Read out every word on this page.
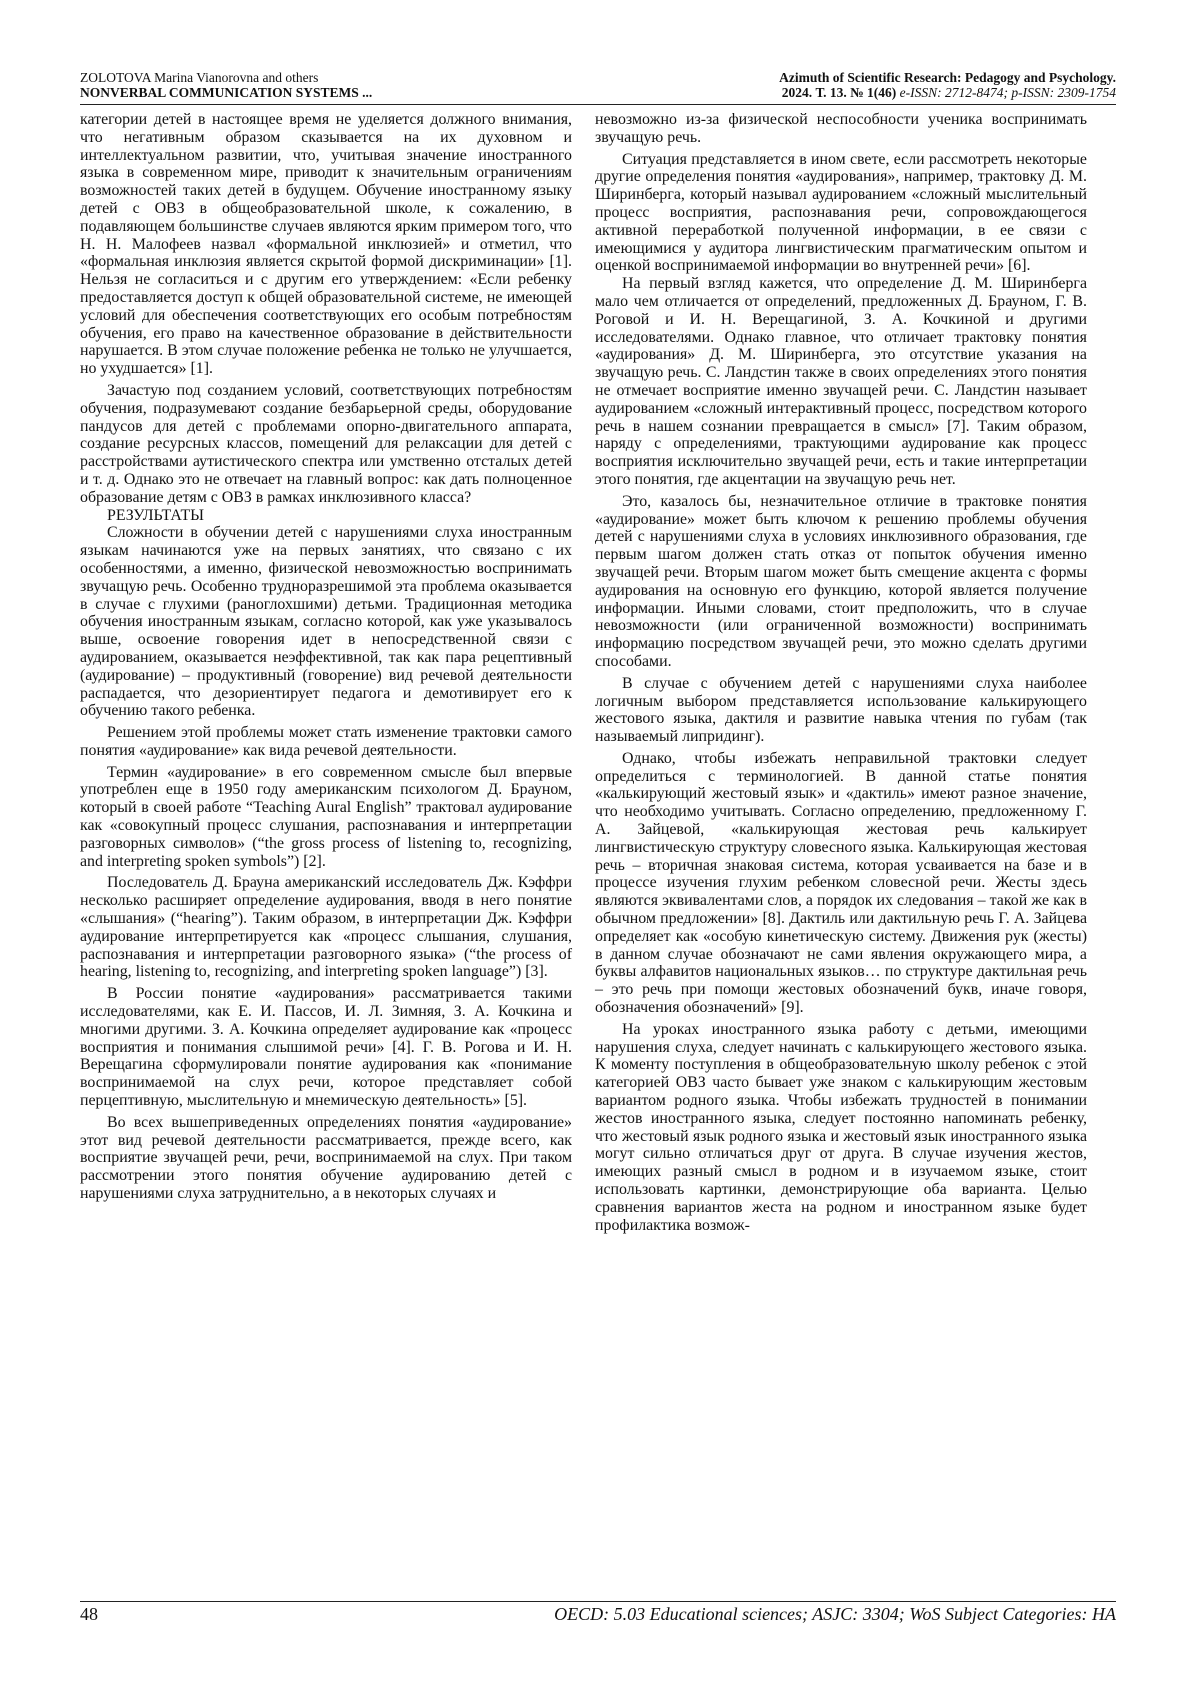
ZOLOTOVA Marina Vianorovna and others
NONVERBAL COMMUNICATION SYSTEMS ...
Azimuth of Scientific Research: Pedagogy and Psychology.
2024. Т. 13. № 1(46) e-ISSN: 2712-8474; p-ISSN: 2309-1754

категории детей в настоящее время не уделяется должного внимания, что негативным образом сказывается на их духовном и интеллектуальном развитии, что, учитывая значение иностранного языка в современном мире, приводит к значительным ограничениям возможностей таких детей в будущем. Обучение иностранному языку детей с ОВЗ в общеобразовательной школе, к сожалению, в подавляющем большинстве случаев являются ярким примером того, что Н. Н. Малофеев назвал «формальной инклюзией» и отметил, что «формальная инклюзия является скрытой формой дискриминации» [1]. Нельзя не согласиться и с другим его утверждением: «Если ребенку предоставляется доступ к общей образовательной системе, не имеющей условий для обеспечения соответствующих его особым потребностям обучения, его право на качественное образование в действительности нарушается. В этом случае положение ребенка не только не улучшается, но ухудшается» [1].

Зачастую под созданием условий, соответствующих потребностям обучения, подразумевают создание безбарьерной среды, оборудование пандусов для детей с проблемами опорно-двигательного аппарата, создание ресурсных классов, помещений для релаксации для детей с расстройствами аутистического спектра или умственно отсталых детей и т. д. Однако это не отвечает на главный вопрос: как дать полноценное образование детям с ОВЗ в рамках инклюзивного класса?

РЕЗУЛЬТАТЫ

Сложности в обучении детей с нарушениями слуха иностранным языкам начинаются уже на первых занятиях, что связано с их особенностями, а именно, физической невозможностью воспринимать звучащую речь. Особенно трудноразрешимой эта проблема оказывается в случае с глухими (раноглохшими) детьми. Традиционная методика обучения иностранным языкам, согласно которой, как уже указывалось выше, освоение говорения идет в непосредственной связи с аудированием, оказывается неэффективной, так как пара рецептивный (аудирование) – продуктивный (говорение) вид речевой деятельности распадается, что дезориентирует педагога и демотивирует его к обучению такого ребенка.

Решением этой проблемы может стать изменение трактовки самого понятия «аудирование» как вида речевой деятельности.

Термин «аудирование» в его современном смысле был впервые употреблен еще в 1950 году американским психологом Д. Брауном, который в своей работе “Teaching Aural English” трактовал аудирование как «совокупный процесс слушания, распознавания и интерпретации разговорных символов» (“the gross process of listening to, recognizing, and interpreting spoken symbols”) [2].

Последователь Д. Брауна американский исследователь Дж. Кэффри несколько расширяет определение аудирования, вводя в него понятие «слышания» (“hearing”). Таким образом, в интерпретации Дж. Кэффри аудирование интерпретируется как «процесс слышания, слушания, распознавания и интерпретации разговорного языка» (“the process of hearing, listening to, recognizing, and interpreting spoken language”) [3].

В России понятие «аудирования» рассматривается такими исследователями, как Е. И. Пассов, И. Л. Зимняя, З. А. Кочкина и многими другими. З. А. Кочкина определяет аудирование как «процесс восприятия и понимания слышимой речи» [4]. Г. В. Рогова и И. Н. Верещагина сформулировали понятие аудирования как «понимание воспринимаемой на слух речи, которое представляет собой перцептивную, мыслительную и мнемическую деятельность» [5].

Во всех вышеприведенных определениях понятия «аудирование» этот вид речевой деятельности рассматривается, прежде всего, как восприятие звучащей речи, речи, воспринимаемой на слух. При таком рассмотрении этого понятия обучение аудированию детей с нарушениями слуха затруднительно, а в некоторых случаях и

невозможно из-за физической неспособности ученика воспринимать звучащую речь.

Ситуация представляется в ином свете, если рассмотреть некоторые другие определения понятия «аудирования», например, трактовку Д. М. Ширинберга, который называл аудированием «сложный мыслительный процесс восприятия, распознавания речи, сопровождающегося активной переработкой полученной информации, в ее связи с имеющимися у аудитора лингвистическим прагматическим опытом и оценкой воспринимаемой информации во внутренней речи» [6].

На первый взгляд кажется, что определение Д. М. Ширинберга мало чем отличается от определений, предложенных Д. Брауном, Г. В. Роговой и И. Н. Верещагиной, З. А. Кочкиной и другими исследователями. Однако главное, что отличает трактовку понятия «аудирования» Д. М. Ширинберга, это отсутствие указания на звучащую речь. С. Ландстин также в своих определениях этого понятия не отмечает восприятие именно звучащей речи. С. Ландстин называет аудированием «сложный интерактивный процесс, посредством которого речь в нашем сознании превращается в смысл» [7]. Таким образом, наряду с определениями, трактующими аудирование как процесс восприятия исключительно звучащей речи, есть и такие интерпретации этого понятия, где акцентации на звучащую речь нет.

Это, казалось бы, незначительное отличие в трактовке понятия «аудирование» может быть ключом к решению проблемы обучения детей с нарушениями слуха в условиях инклюзивного образования, где первым шагом должен стать отказ от попыток обучения именно звучащей речи. Вторым шагом может быть смещение акцента с формы аудирования на основную его функцию, которой является получение информации. Иными словами, стоит предположить, что в случае невозможности (или ограниченной возможности) воспринимать информацию посредством звучащей речи, это можно сделать другими способами.

В случае с обучением детей с нарушениями слуха наиболее логичным выбором представляется использование калькирующего жестового языка, дактиля и развитие навыка чтения по губам (так называемый липридинг).

Однако, чтобы избежать неправильной трактовки следует определиться с терминологией. В данной статье понятия «калькирующий жестовый язык» и «дактиль» имеют разное значение, что необходимо учитывать. Согласно определению, предложенному Г. А. Зайцевой, «калькирующая жестовая речь калькирует лингвистическую структуру словесного языка. Калькирующая жестовая речь – вторичная знаковая система, которая усваивается на базе и в процессе изучения глухим ребенком словесной речи. Жесты здесь являются эквивалентами слов, а порядок их следования – такой же как в обычном предложении» [8]. Дактиль или дактильную речь Г. А. Зайцева определяет как «особую кинетическую систему. Движения рук (жесты) в данном случае обозначают не сами явления окружающего мира, а буквы алфавитов национальных языков… по структуре дактильная речь – это речь при помощи жестовых обозначений букв, иначе говоря, обозначения обозначений» [9].

На уроках иностранного языка работу с детьми, имеющими нарушения слуха, следует начинать с калькирующего жестового языка. К моменту поступления в общеобразовательную школу ребенок с этой категорией ОВЗ часто бывает уже знаком с калькирующим жестовым вариантом родного языка. Чтобы избежать трудностей в понимании жестов иностранного языка, следует постоянно напоминать ребенку, что жестовый язык родного языка и жестовый язык иностранного языка могут сильно отличаться друг от друга. В случае изучения жестов, имеющих разный смысл в родном и в изучаемом языке, стоит использовать картинки, демонстрирующие оба варианта. Целью сравнения вариантов жеста на родном и иностранном языке будет профилактика возмож-

48	OECD: 5.03 Educational sciences; ASJC: 3304; WoS Subject Categories: HA
